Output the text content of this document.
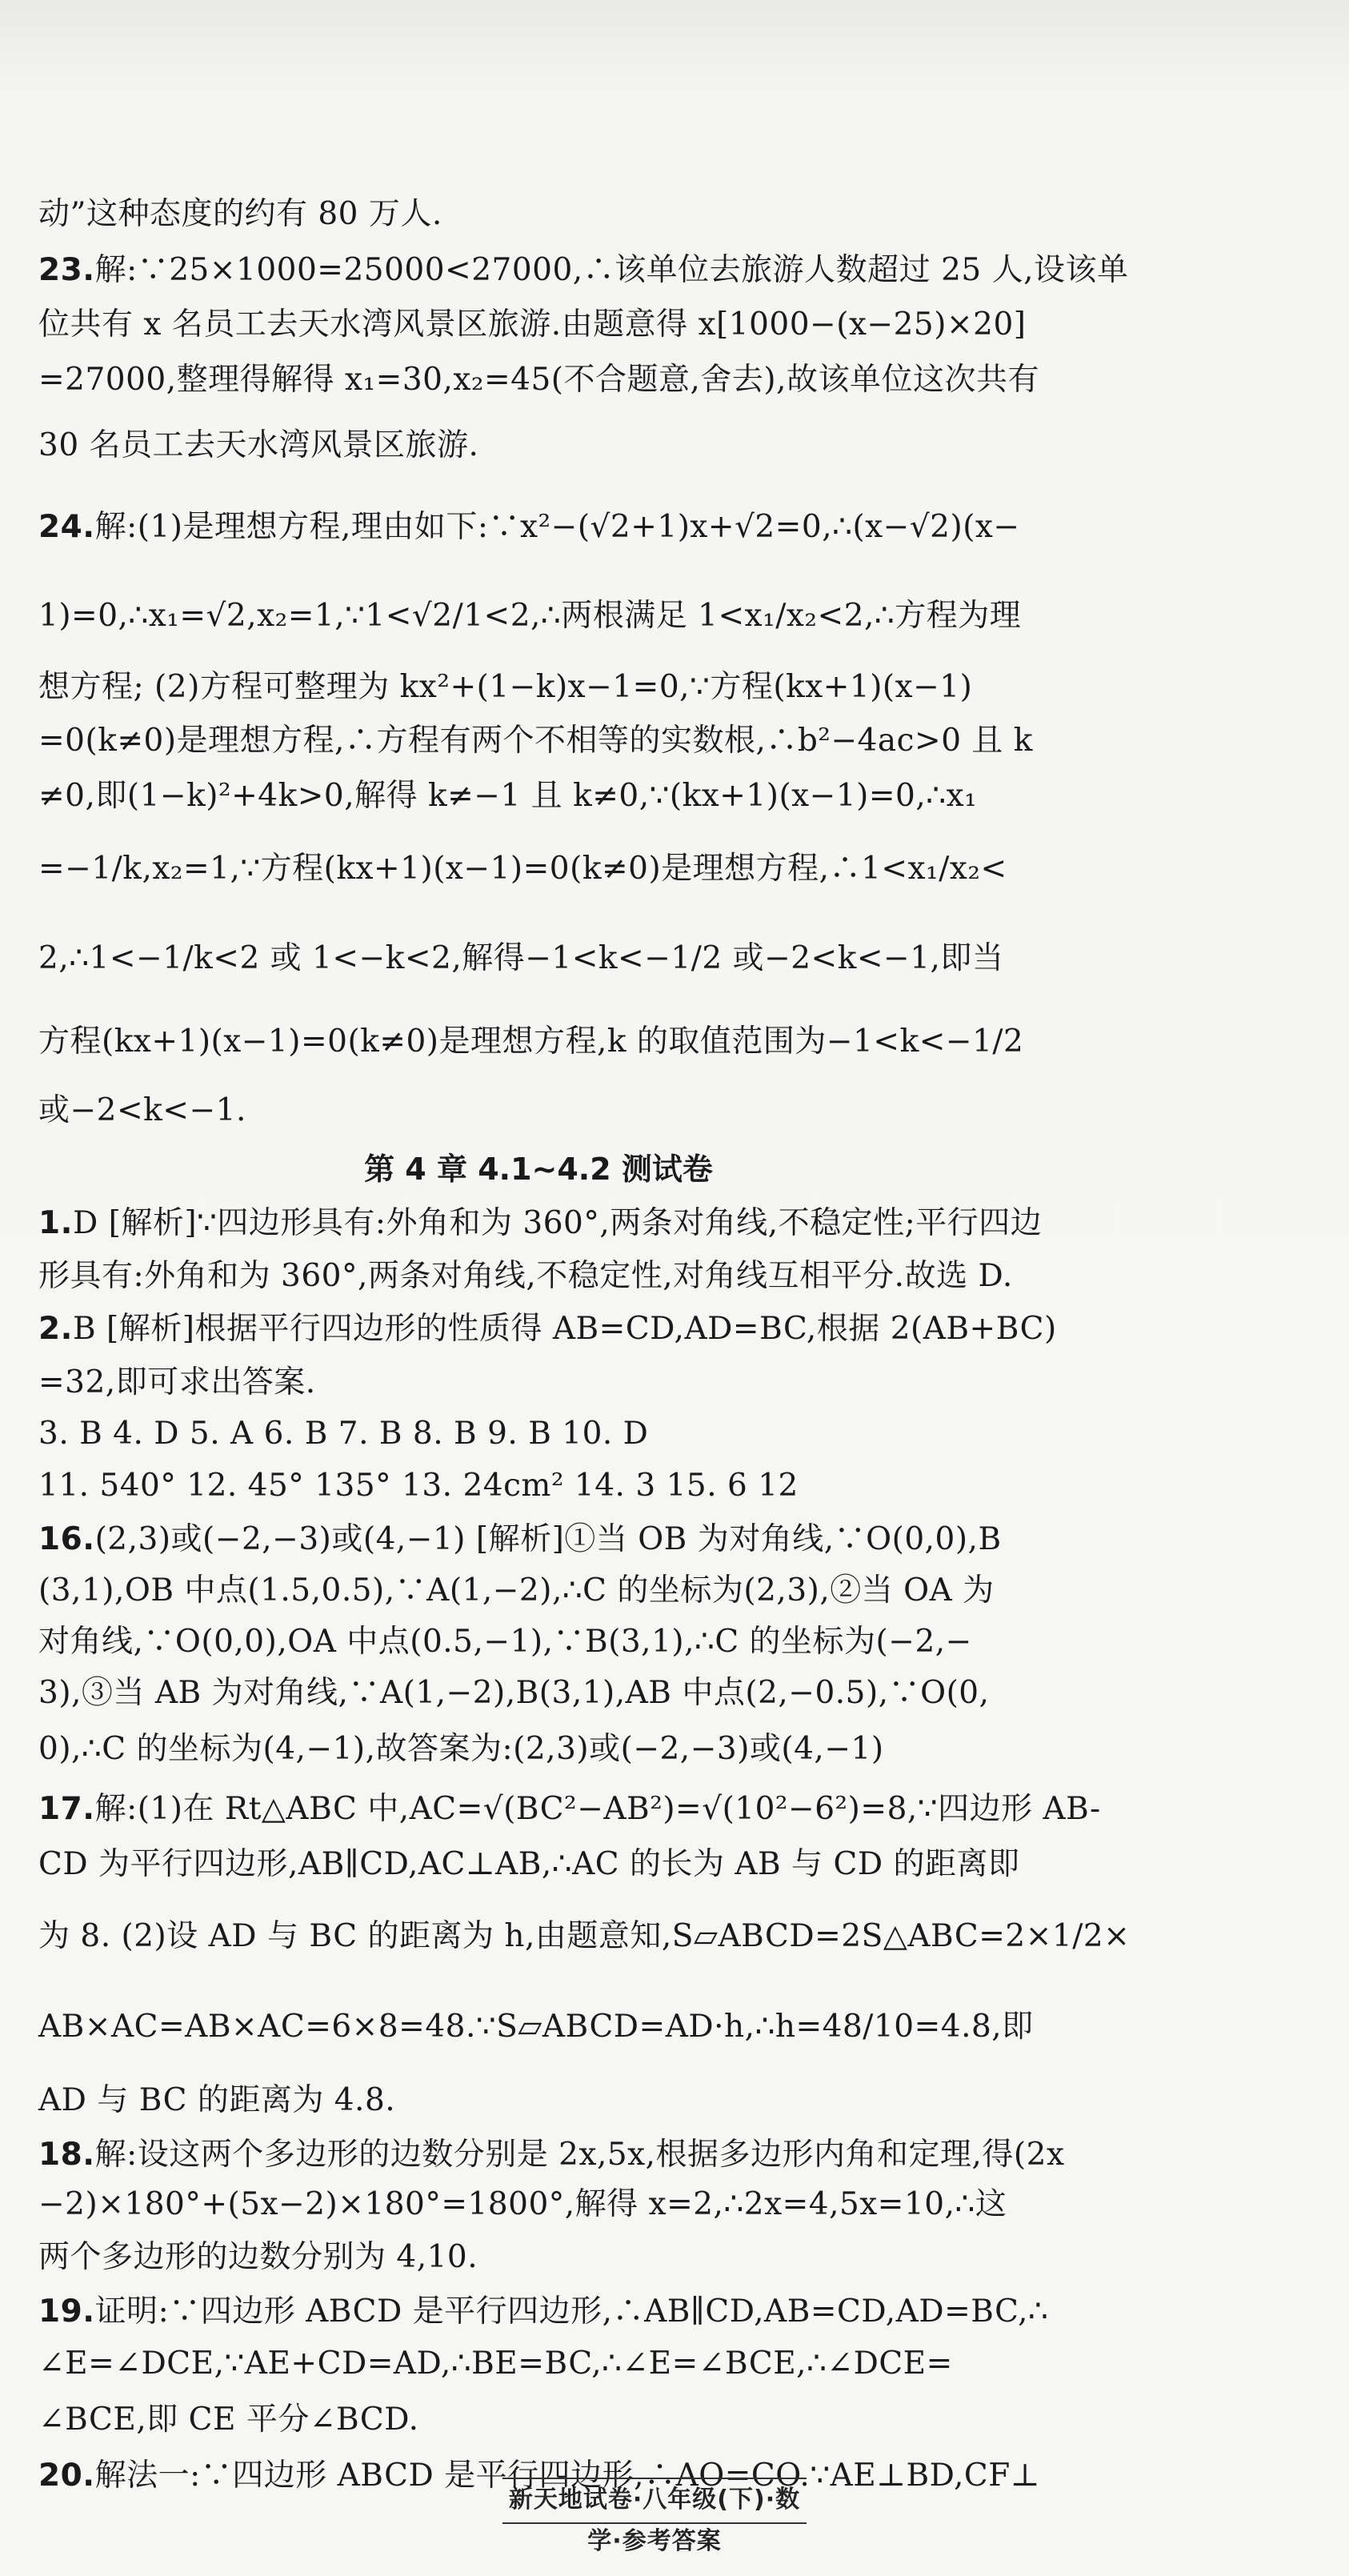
动”这种态度的约有 80 万人.
23.解:∵25×1000=25000<27000,∴该单位去旅游人数超过 25 人,设该单
位共有 x 名员工去天水湾风景区旅游.由题意得 x[1000−(x−25)×20]
=27000,整理得解得 x₁=30,x₂=45(不合题意,舍去),故该单位这次共有
30 名员工去天水湾风景区旅游.
24.解:(1)是理想方程,理由如下:∵x²−(√2+1)x+√2=0,∴(x−√2)(x−
1)=0,∴x₁=√2,x₂=1,∵1<√2/1<2,∴两根满足 1<x₁/x₂<2,∴方程为理
想方程; (2)方程可整理为 kx²+(1−k)x−1=0,∵方程(kx+1)(x−1)
=0(k≠0)是理想方程,∴方程有两个不相等的实数根,∴b²−4ac>0 且 k
≠0,即(1−k)²+4k>0,解得 k≠−1 且 k≠0,∵(kx+1)(x−1)=0,∴x₁
=−1/k,x₂=1,∵方程(kx+1)(x−1)=0(k≠0)是理想方程,∴1<x₁/x₂<
2,∴1<−1/k<2 或 1<−k<2,解得−1<k<−1/2 或−2<k<−1,即当
方程(kx+1)(x−1)=0(k≠0)是理想方程,k 的取值范围为−1<k<−1/2
或−2<k<−1.
第 4 章 4.1~4.2 测试卷
1.D [解析]∵四边形具有:外角和为 360°,两条对角线,不稳定性;平行四边
形具有:外角和为 360°,两条对角线,不稳定性,对角线互相平分.故选 D.
2.B [解析]根据平行四边形的性质得 AB=CD,AD=BC,根据 2(AB+BC)
=32,即可求出答案.
3. B 4. D 5. A 6. B 7. B 8. B 9. B 10. D
11. 540° 12. 45° 135° 13. 24cm² 14. 3 15. 6 12
16.(2,3)或(−2,−3)或(4,−1) [解析]①当 OB 为对角线,∵O(0,0),B
(3,1),OB 中点(1.5,0.5),∵A(1,−2),∴C 的坐标为(2,3),②当 OA 为
对角线,∵O(0,0),OA 中点(0.5,−1),∵B(3,1),∴C 的坐标为(−2,−
3),③当 AB 为对角线,∵A(1,−2),B(3,1),AB 中点(2,−0.5),∵O(0,
0),∴C 的坐标为(4,−1),故答案为:(2,3)或(−2,−3)或(4,−1)
17.解:(1)在 Rt△ABC 中,AC=√(BC²−AB²)=√(10²−6²)=8,∵四边形 AB-
CD 为平行四边形,AB∥CD,AC⊥AB,∴AC 的长为 AB 与 CD 的距离即
为 8. (2)设 AD 与 BC 的距离为 h,由题意知,S▱ABCD=2S△ABC=2×1/2×
AB×AC=AB×AC=6×8=48.∵S▱ABCD=AD·h,∴h=48/10=4.8,即
AD 与 BC 的距离为 4.8.
18.解:设这两个多边形的边数分别是 2x,5x,根据多边形内角和定理,得(2x
−2)×180°+(5x−2)×180°=1800°,解得 x=2,∴2x=4,5x=10,∴这
两个多边形的边数分别为 4,10.
19.证明:∵四边形 ABCD 是平行四边形,∴AB∥CD,AB=CD,AD=BC,∴
∠E=∠DCE,∵AE+CD=AD,∴BE=BC,∴∠E=∠BCE,∴∠DCE=
∠BCE,即 CE 平分∠BCD.
20.解法一:∵四边形 ABCD 是平行四边形,∴AO=CO.∵AE⊥BD,CF⊥
新天地试卷·八年级(下)·数学·参考答案
